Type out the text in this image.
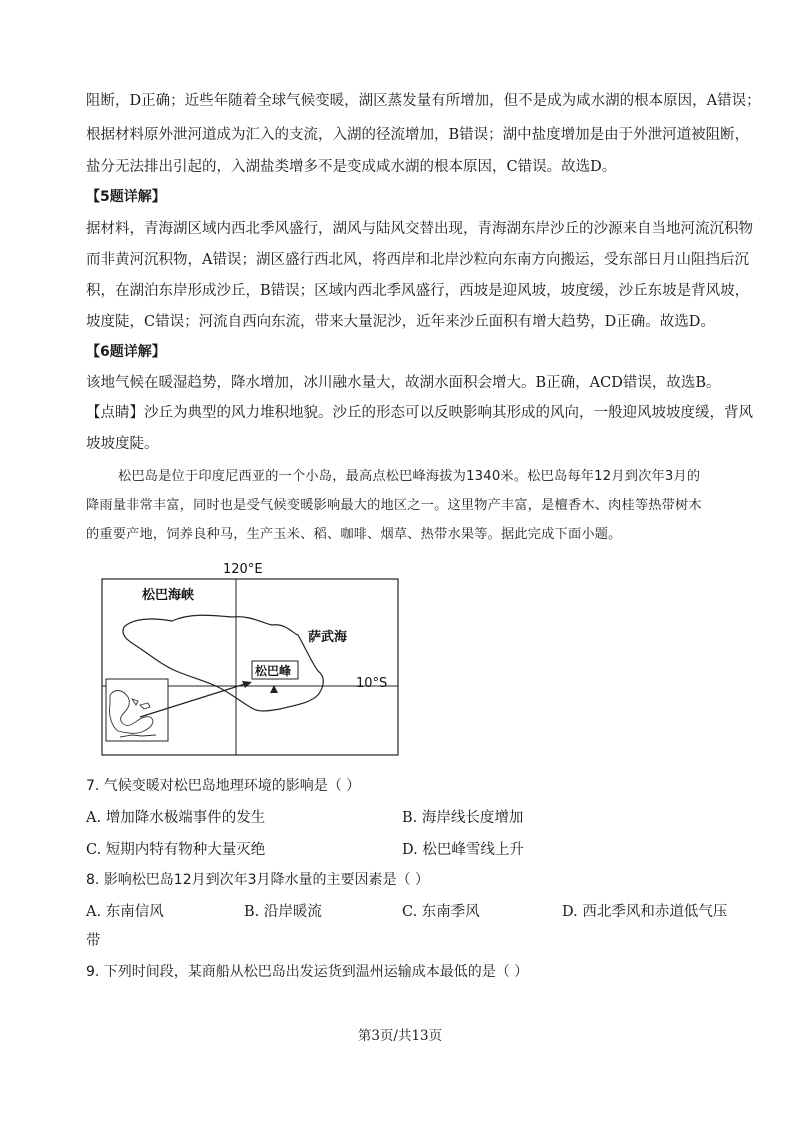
阻断，D正确；近些年随着全球气候变暖，湖区蒸发量有所增加，但不是成为咸水湖的根本原因，A错误；
根据材料原外泄河道成为汇入的支流，入湖的径流增加，B错误；湖中盐度增加是由于外泄河道被阻断，
盐分无法排出引起的，入湖盐类增多不是变成咸水湖的根本原因，C错误。故选D。
【5题详解】
据材料，青海湖区域内西北季风盛行，湖风与陆风交替出现，青海湖东岸沙丘的沙源来自当地河流沉积物
而非黄河沉积物，A错误；湖区盛行西北风，将西岸和北岸沙粒向东南方向搬运，受东部日月山阻挡后沉
积，在湖泊东岸形成沙丘，B错误；区域内西北季风盛行，西坡是迎风坡，坡度缓，沙丘东坡是背风坡，
坡度陡，C错误；河流自西向东流，带来大量泥沙，近年来沙丘面积有增大趋势，D正确。故选D。
【6题详解】
该地气候在暖湿趋势，降水增加，冰川融水量大，故湖水面积会增大。B正确，ACD错误，故选B。
【点睛】沙丘为典型的风力堆积地貌。沙丘的形态可以反映影响其形成的风向，一般迎风坡坡度缓，背风
坡坡度陡。
松巴岛是位于印度尼西亚的一个小岛，最高点松巴峰海拔为1340米。松巴岛每年12月到次年3月的
降雨量非常丰富，同时也是受气候变暖影响最大的地区之一。这里物产丰富，是檀香木、肉桂等热带树木
的重要产地，饲养良种马，生产玉米、稻、咖啡、烟草、热带水果等。据此完成下面小题。
120°E
10°S
松巴海峡
萨武海
松巴峰
7. 气候变暖对松巴岛地理环境的影响是（ ）
A. 增加降水极端事件的发生	B. 海岸线长度增加
C. 短期内特有物种大量灭绝	D. 松巴峰雪线上升
8. 影响松巴岛12月到次年3月降水量的主要因素是（ ）
A. 东南信风	B. 沿岸暖流	C. 东南季风	D. 西北季风和赤道低气压
带
9. 下列时间段，某商船从松巴岛出发运货到温州运输成本最低的是（ ）
第3页/共13页
